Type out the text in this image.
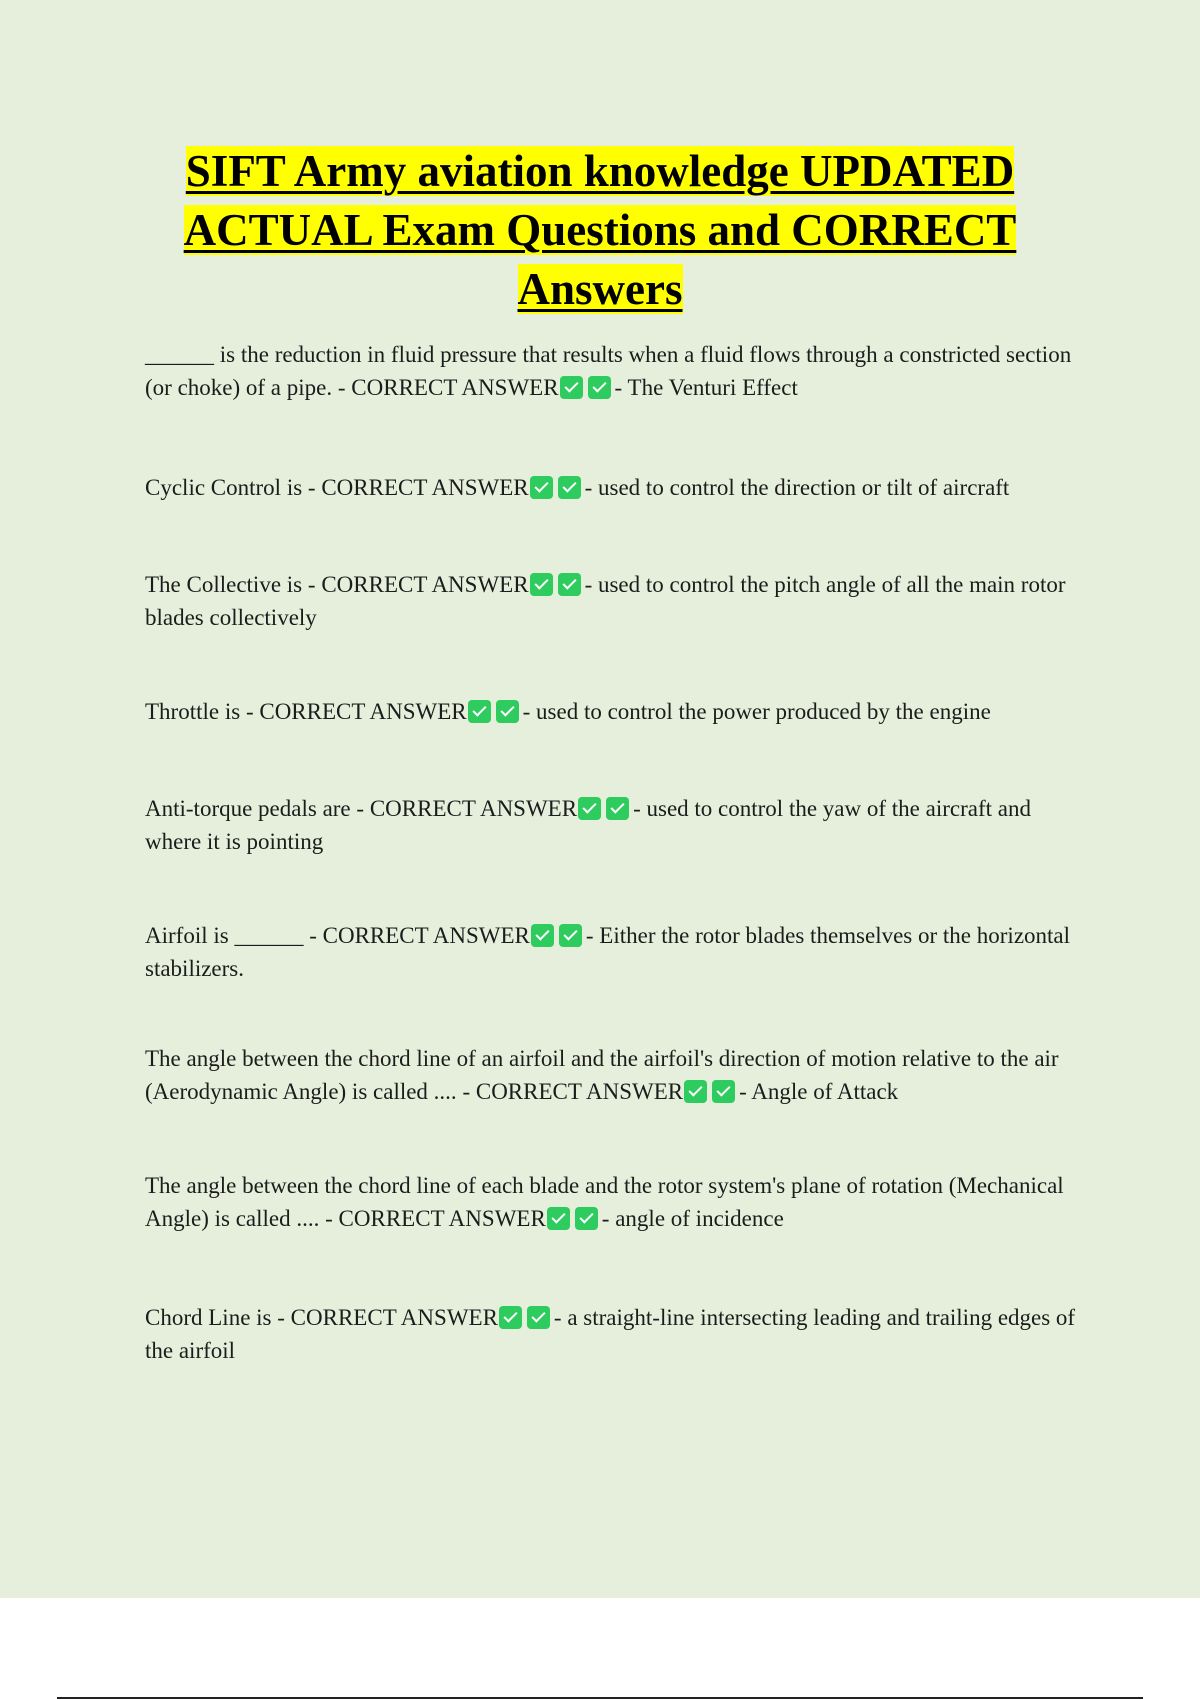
SIFT Army aviation knowledge UPDATED ACTUAL Exam Questions and CORRECT Answers

______ is the reduction in fluid pressure that results when a fluid flows through a constricted section (or choke) of a pipe. - CORRECT ANSWER - The Venturi Effect

Cyclic Control is - CORRECT ANSWER - used to control the direction or tilt of aircraft

The Collective is - CORRECT ANSWER - used to control the pitch angle of all the main rotor blades collectively

Throttle is - CORRECT ANSWER - used to control the power produced by the engine

Anti-torque pedals are - CORRECT ANSWER - used to control the yaw of the aircraft and where it is pointing

Airfoil is ______ - CORRECT ANSWER - Either the rotor blades themselves or the horizontal stabilizers.

The angle between the chord line of an airfoil and the airfoil's direction of motion relative to the air (Aerodynamic Angle) is called .... - CORRECT ANSWER - Angle of Attack

The angle between the chord line of each blade and the rotor system's plane of rotation (Mechanical Angle) is called .... - CORRECT ANSWER - angle of incidence

Chord Line is - CORRECT ANSWER - a straight-line intersecting leading and trailing edges of the airfoil
